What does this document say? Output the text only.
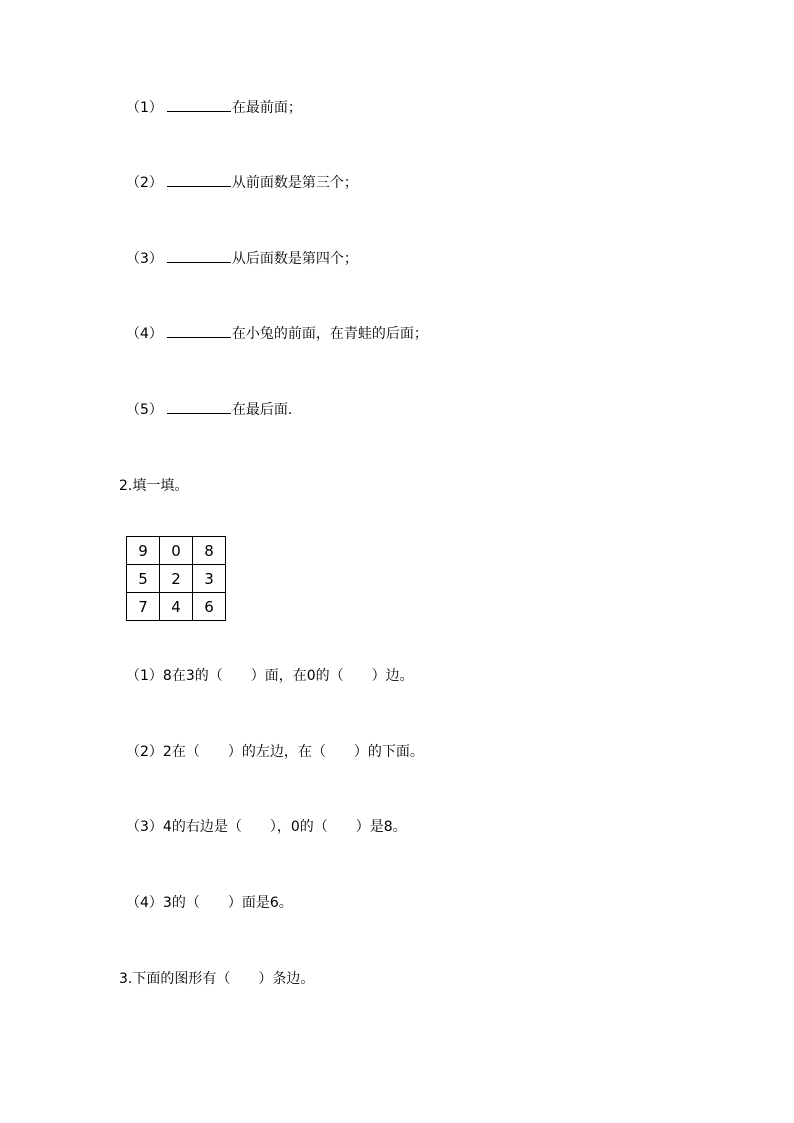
（1）	在最前面；
（2）	从前面数是第三个；
（3）	从后面数是第四个；
（4）	在小兔的前面，在青蛙的后面；
（5）	在最后面.
2.填一填。
9	0	8
5	2	3
7	4	6
（1）8在3的（　　）面，在0的（　　）边。
（2）2在（　　）的左边，在（　　）的下面。
（3）4的右边是（　　），0的（　　）是8。
（4）3的（　　）面是6。
3.下面的图形有（　　）条边。
